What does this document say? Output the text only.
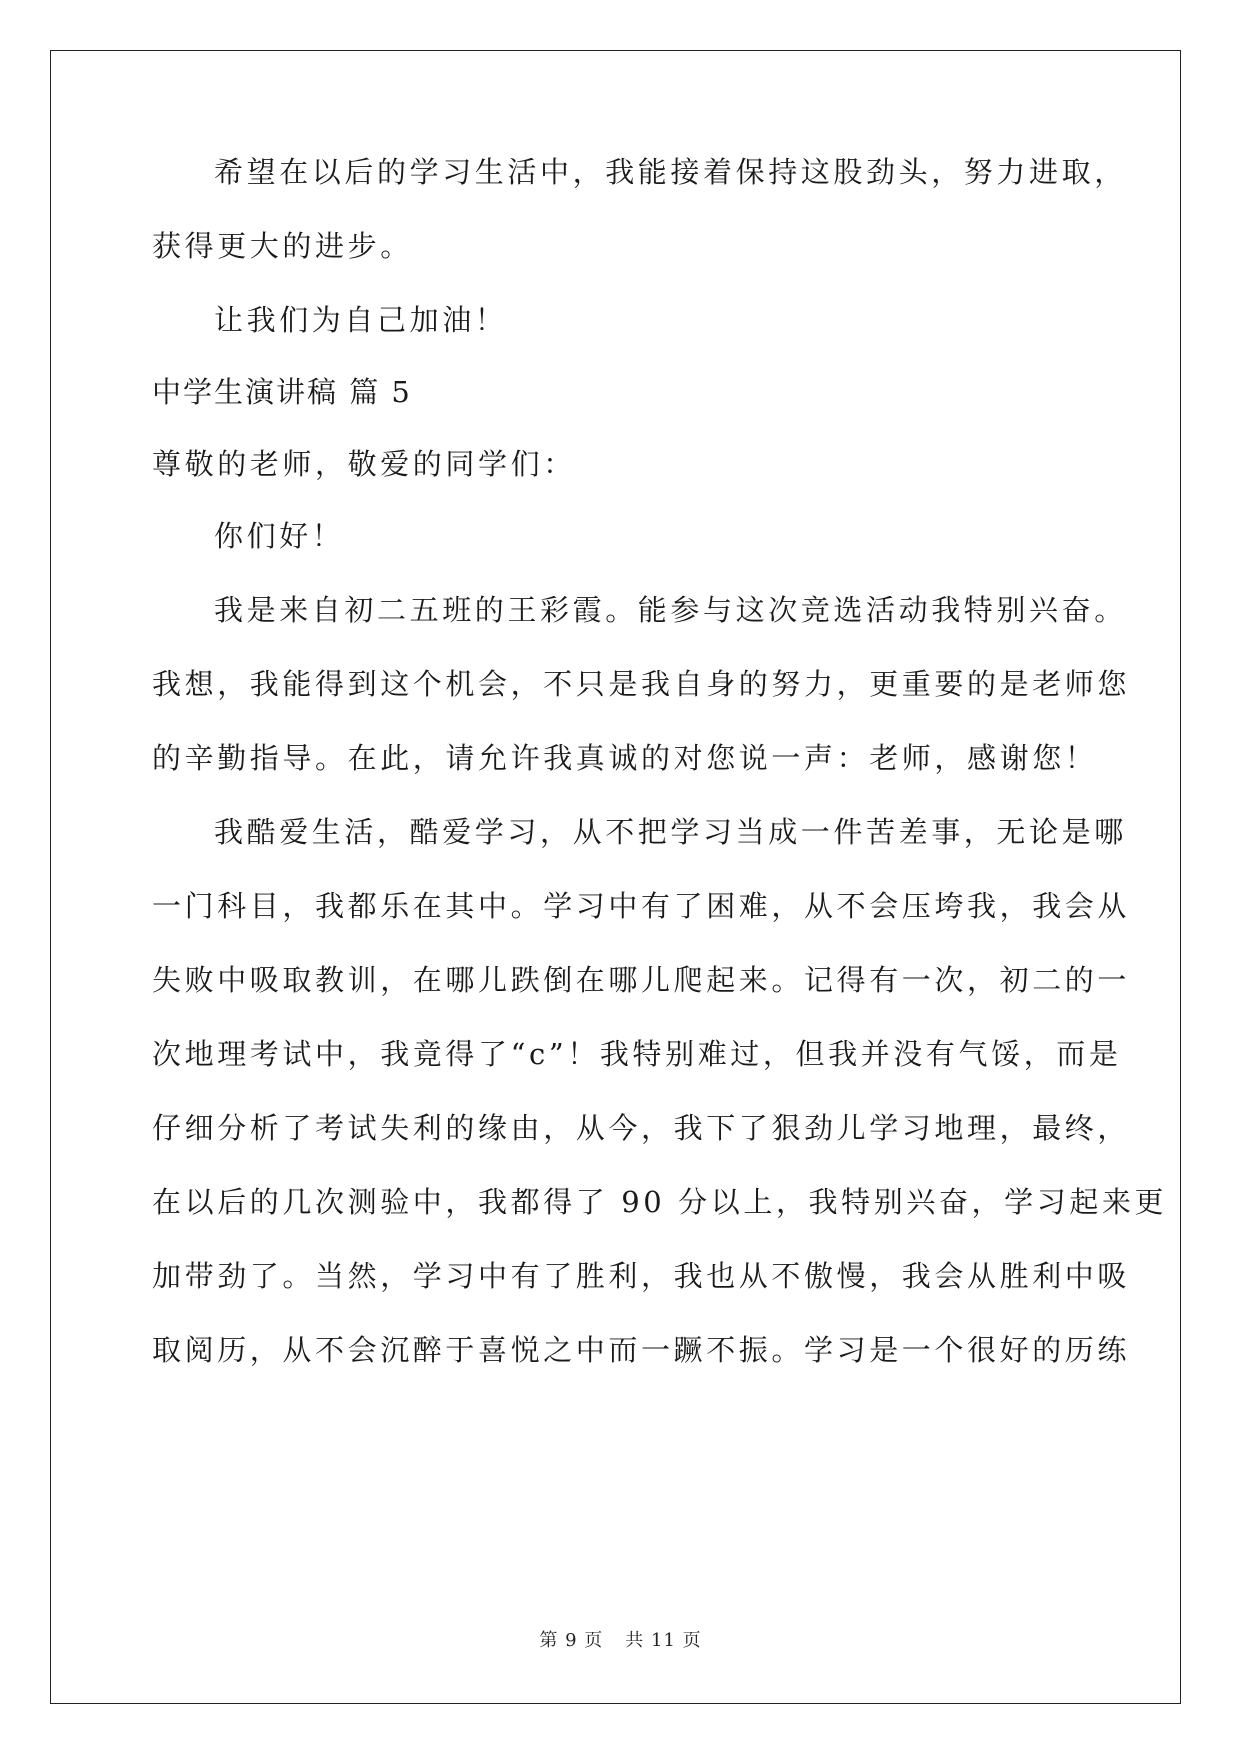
希望在以后的学习生活中，我能接着保持这股劲头，努力进取，
获得更大的进步。
让我们为自己加油！
中学生演讲稿 篇 5
尊敬的老师，敬爱的同学们：
你们好！
我是来自初二五班的王彩霞。能参与这次竞选活动我特别兴奋。
我想，我能得到这个机会，不只是我自身的努力，更重要的是老师您
的辛勤指导。在此，请允许我真诚的对您说一声：老师，感谢您！
我酷爱生活，酷爱学习，从不把学习当成一件苦差事，无论是哪
一门科目，我都乐在其中。学习中有了困难，从不会压垮我，我会从
失败中吸取教训，在哪儿跌倒在哪儿爬起来。记得有一次，初二的一
次地理考试中，我竟得了“c”！我特别难过，但我并没有气馁，而是
仔细分析了考试失利的缘由，从今，我下了狠劲儿学习地理，最终，
在以后的几次测验中，我都得了 90 分以上，我特别兴奋，学习起来更
加带劲了。当然，学习中有了胜利，我也从不傲慢，我会从胜利中吸
取阅历，从不会沉醉于喜悦之中而一蹶不振。学习是一个很好的历练
第 9 页 共 11 页
